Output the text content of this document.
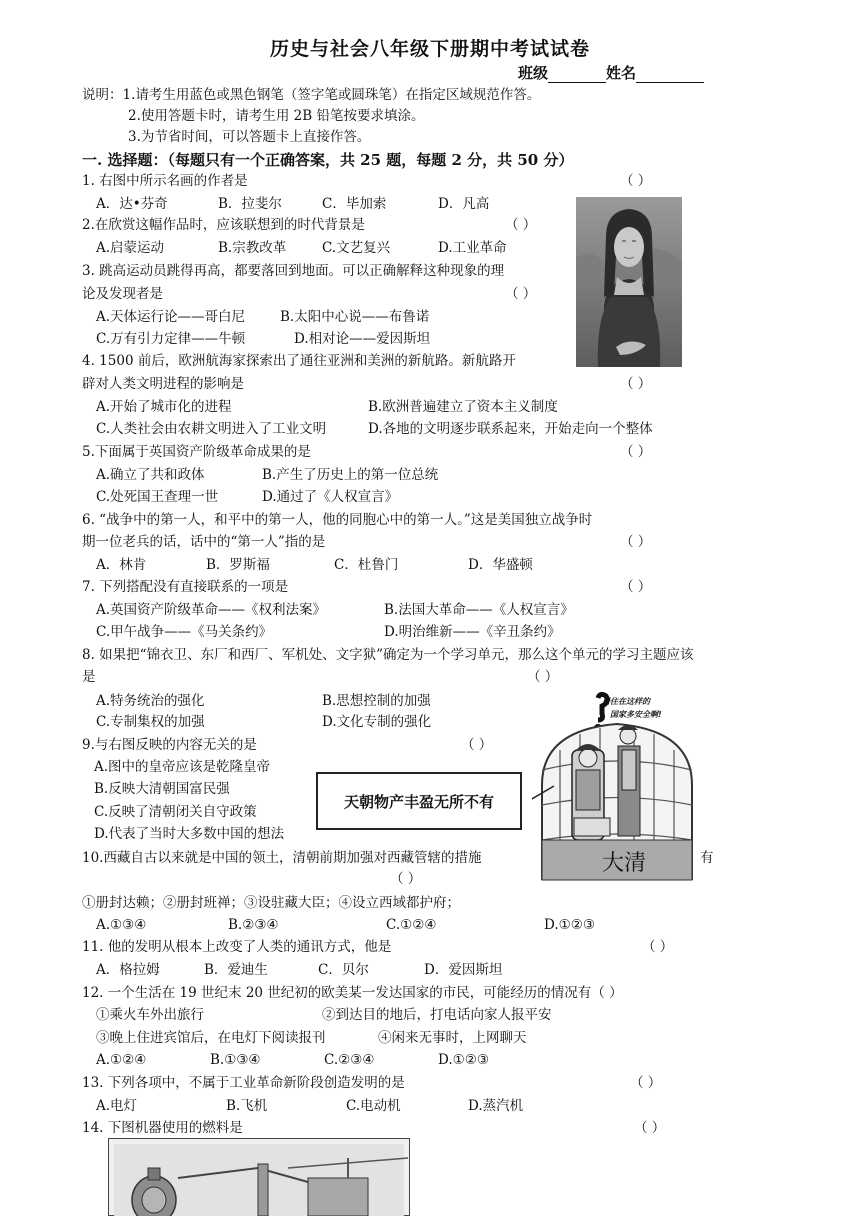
历史与社会八年级下册期中考试试卷
班级	姓名
说明：1.请考生用蓝色或黑色钢笔（签字笔或圆珠笔）在指定区域规范作答。
2.使用答题卡时，请考生用 2B 铅笔按要求填涂。
3.为节省时间，可以答题卡上直接作答。
一. 选择题：（每题只有一个正确答案，共 25 题，每题 2 分，共 50 分）
1. 右图中所示名画的作者是	（ ）
A．达•芬奇	B．拉斐尔	C．毕加索	D．凡高
2.在欣赏这幅作品时，应该联想到的时代背景是	（ ）
A.启蒙运动	B.宗教改革	C.文艺复兴	D.工业革命
3. 跳高运动员跳得再高，都要落回到地面。可以正确解释这种现象的理
论及发现者是	（ ）
A.天体运行论——哥白尼	B.太阳中心说——布鲁诺
C.万有引力定律——牛顿	D.相对论——爱因斯坦
4. 1500 前后，欧洲航海家探索出了通往亚洲和美洲的新航路。新航路开
辟对人类文明进程的影响是	（ ）
A.开始了城市化的进程	B.欧洲普遍建立了资本主义制度
C.人类社会由农耕文明进入了工业文明	D.各地的文明逐步联系起来，开始走向一个整体
5.下面属于英国资产阶级革命成果的是	（ ）
A.确立了共和政体	B.产生了历史上的第一位总统
C.处死国王查理一世	D.通过了《人权宣言》
6. “战争中的第一人，和平中的第一人，他的同胞心中的第一人。”这是美国独立战争时
期一位老兵的话，话中的“第一人”指的是	（ ）
A．林肯	B．罗斯福	C．杜鲁门	D．华盛顿
7. 下列搭配没有直接联系的一项是	（ ）
A.英国资产阶级革命——《权利法案》	B.法国大革命——《人权宣言》
C.甲午战争——《马关条约》	D.明治维新——《辛丑条约》
8. 如果把“锦衣卫、东厂和西厂、军机处、文字狱”确定为一个学习单元，那么这个单元的学习主题应该
是	（ ）
A.特务统治的强化	B.思想控制的加强
C.专制集权的加强	D.文化专制的强化
9.与右图反映的内容无关的是	（ ）
A.图中的皇帝应该是乾隆皇帝
B.反映大清朝国富民强
C.反映了清朝闭关自守政策
D.代表了当时大多数中国的想法
居住在这样的
国家多安全啊!
大清
天朝物产丰盈无所不有
10.西藏自古以来就是中国的领土，清朝前期加强对西藏管辖的措施	有
（ ）
①册封达赖；②册封班禅；③设驻藏大臣；④设立西域都护府；
A.①③④	B.②③④	C.①②④	D.①②③
11. 他的发明从根本上改变了人类的通讯方式，他是	（ ）
A．格拉姆	B．爱迪生	C．贝尔	D．爱因斯坦
12. 一个生活在 19 世纪末 20 世纪初的欧美某一发达国家的市民，可能经历的情况有（ ）
①乘火车外出旅行	②到达目的地后，打电话向家人报平安
③晚上住进宾馆后，在电灯下阅读报刊	④闲来无事时，上网聊天
A.①②④	B.①③④	C.②③④	D.①②③
13. 下列各项中，不属于工业革命新阶段创造发明的是	（ ）
A.电灯	B.飞机	C.电动机	D.蒸汽机
14. 下图机器使用的燃料是	（ ）
